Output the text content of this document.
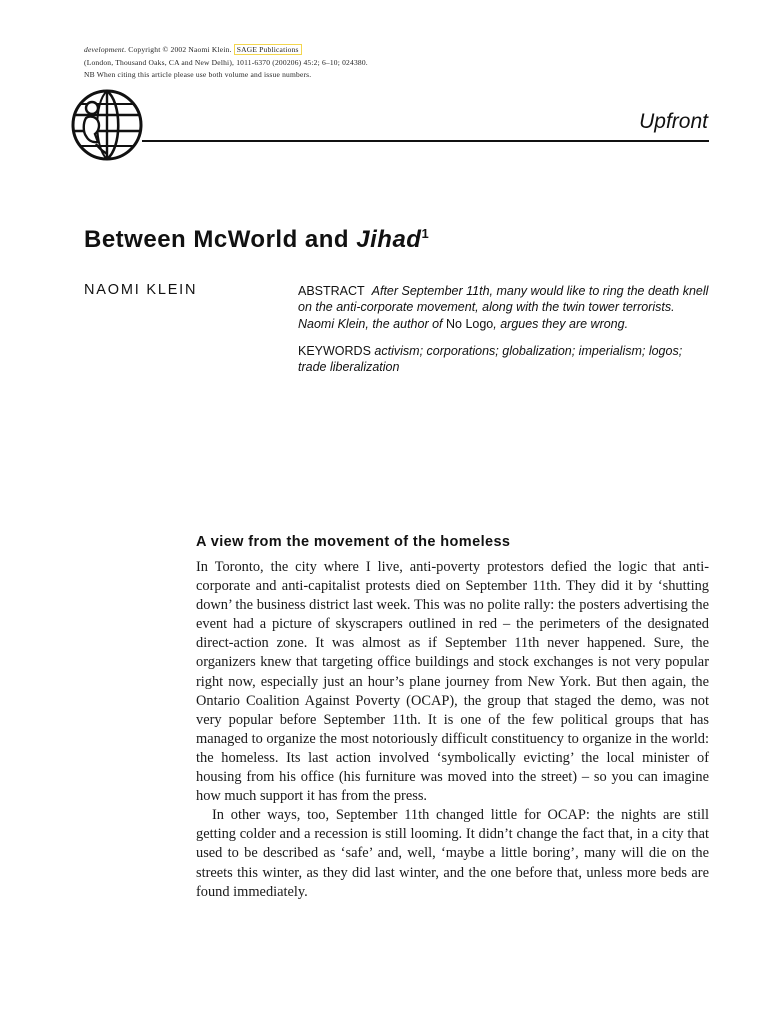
development. Copyright © 2002 Naomi Klein. SAGE Publications
(London, Thousand Oaks, CA and New Delhi), 1011-6370 (200206) 45:2; 6–10; 024380.
NB When citing this article please use both volume and issue numbers.
Upfront
Between McWorld and Jihad$^1$
NAOMI KLEIN	ABSTRACT After September 11th, many would like to ring the death knell on the anti-corporate movement, along with the twin tower terrorists. Naomi Klein, the author of No Logo, argues they are wrong.

KEYWORDS activism; corporations; globalization; imperialism; logos; trade liberalization

A view from the movement of the homeless

In Toronto, the city where I live, anti-poverty protestors defied the logic that anti-corporate and anti-capitalist protests died on September 11th. They did it by ‘shutting down’ the business district last week. This was no polite rally: the posters advertising the event had a picture of skyscrapers outlined in red – the perimeters of the designated direct-action zone. It was almost as if September 11th never happened. Sure, the organizers knew that targeting office buildings and stock exchanges is not very popular right now, especially just an hour’s plane journey from New York. But then again, the Ontario Coalition Against Poverty (OCAP), the group that staged the demo, was not very popular before September 11th. It is one of the few political groups that has managed to organize the most notoriously difficult constituency to organize in the world: the homeless. Its last action involved ‘symbolically evicting’ the local minister of housing from his office (his furniture was moved into the street) – so you can imagine how much support it has from the press.

In other ways, too, September 11th changed little for OCAP: the nights are still getting colder and a recession is still looming. It didn’t change the fact that, in a city that used to be described as ‘safe’ and, well, ‘maybe a little boring’, many will die on the streets this winter, as they did last winter, and the one before that, unless more beds are found immediately.
